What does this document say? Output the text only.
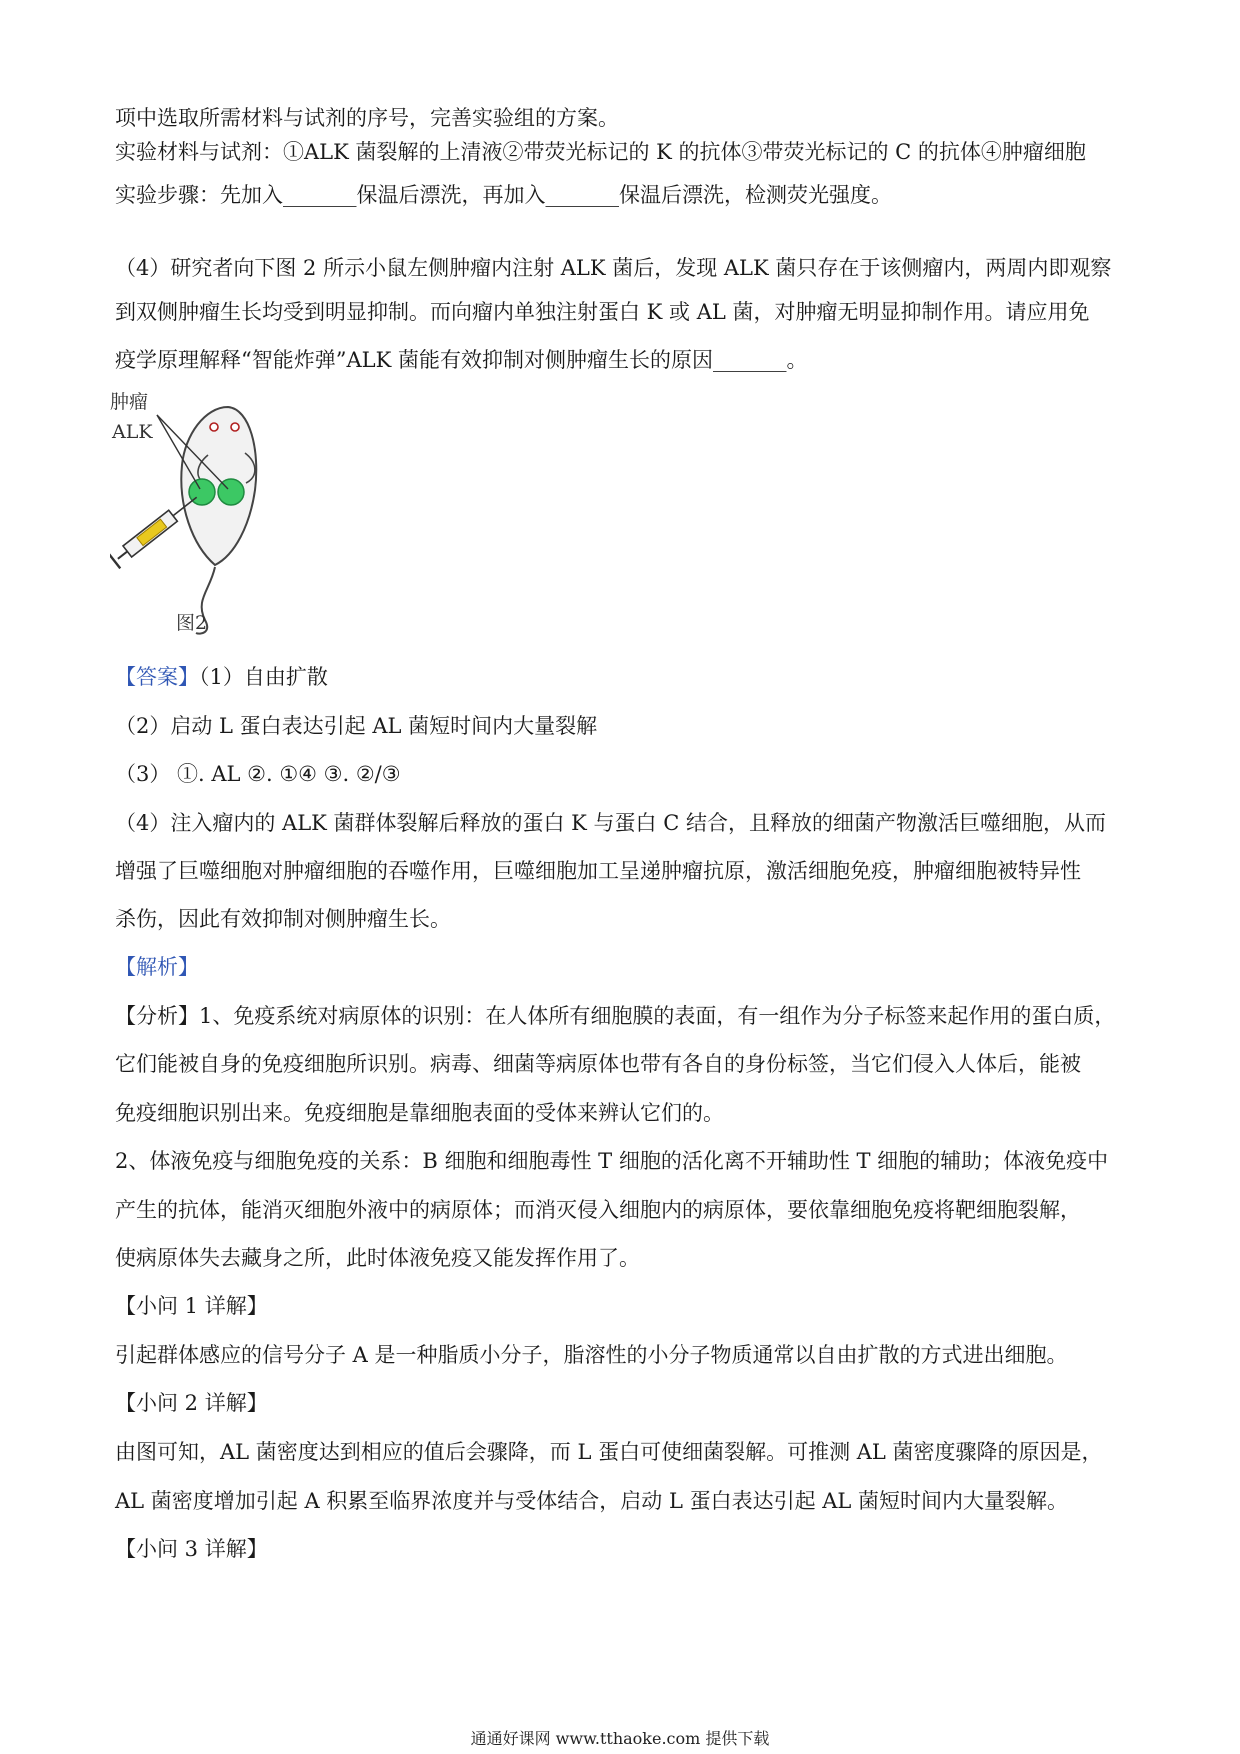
项中选取所需材料与试剂的序号，完善实验组的方案。
实验材料与试剂：①ALK 菌裂解的上清液②带荧光标记的 K 的抗体③带荧光标记的 C 的抗体④肿瘤细胞
实验步骤：先加入_______保温后漂洗，再加入_______保温后漂洗，检测荧光强度。
（4）研究者向下图 2 所示小鼠左侧肿瘤内注射 ALK 菌后，发现 ALK 菌只存在于该侧瘤内，两周内即观察
到双侧肿瘤生长均受到明显抑制。而向瘤内单独注射蛋白 K 或 AL 菌，对肿瘤无明显抑制作用。请应用免
疫学原理解释“智能炸弹”ALK 菌能有效抑制对侧肿瘤生长的原因_______。
肿瘤
ALK
图2
【答案】（1）自由扩散
（2）启动 L 蛋白表达引起 AL 菌短时间内大量裂解
（3） ①. AL ②. ①④ ③. ②/③
（4）注入瘤内的 ALK 菌群体裂解后释放的蛋白 K 与蛋白 C 结合，且释放的细菌产物激活巨噬细胞，从而
增强了巨噬细胞对肿瘤细胞的吞噬作用，巨噬细胞加工呈递肿瘤抗原，激活细胞免疫，肿瘤细胞被特异性
杀伤，因此有效抑制对侧肿瘤生长。
【解析】
【分析】1、免疫系统对病原体的识别：在人体所有细胞膜的表面，有一组作为分子标签来起作用的蛋白质，
它们能被自身的免疫细胞所识别。病毒、细菌等病原体也带有各自的身份标签，当它们侵入人体后，能被
免疫细胞识别出来。免疫细胞是靠细胞表面的受体来辨认它们的。
2、体液免疫与细胞免疫的关系：B 细胞和细胞毒性 T 细胞的活化离不开辅助性 T 细胞的辅助；体液免疫中
产生的抗体，能消灭细胞外液中的病原体；而消灭侵入细胞内的病原体，要依靠细胞免疫将靶细胞裂解，
使病原体失去藏身之所，此时体液免疫又能发挥作用了。
【小问 1 详解】
引起群体感应的信号分子 A 是一种脂质小分子，脂溶性的小分子物质通常以自由扩散的方式进出细胞。
【小问 2 详解】
由图可知，AL 菌密度达到相应的值后会骤降，而 L 蛋白可使细菌裂解。可推测 AL 菌密度骤降的原因是，
AL 菌密度增加引起 A 积累至临界浓度并与受体结合，启动 L 蛋白表达引起 AL 菌短时间内大量裂解。
【小问 3 详解】
通通好课网 www.tthaoke.com 提供下载
